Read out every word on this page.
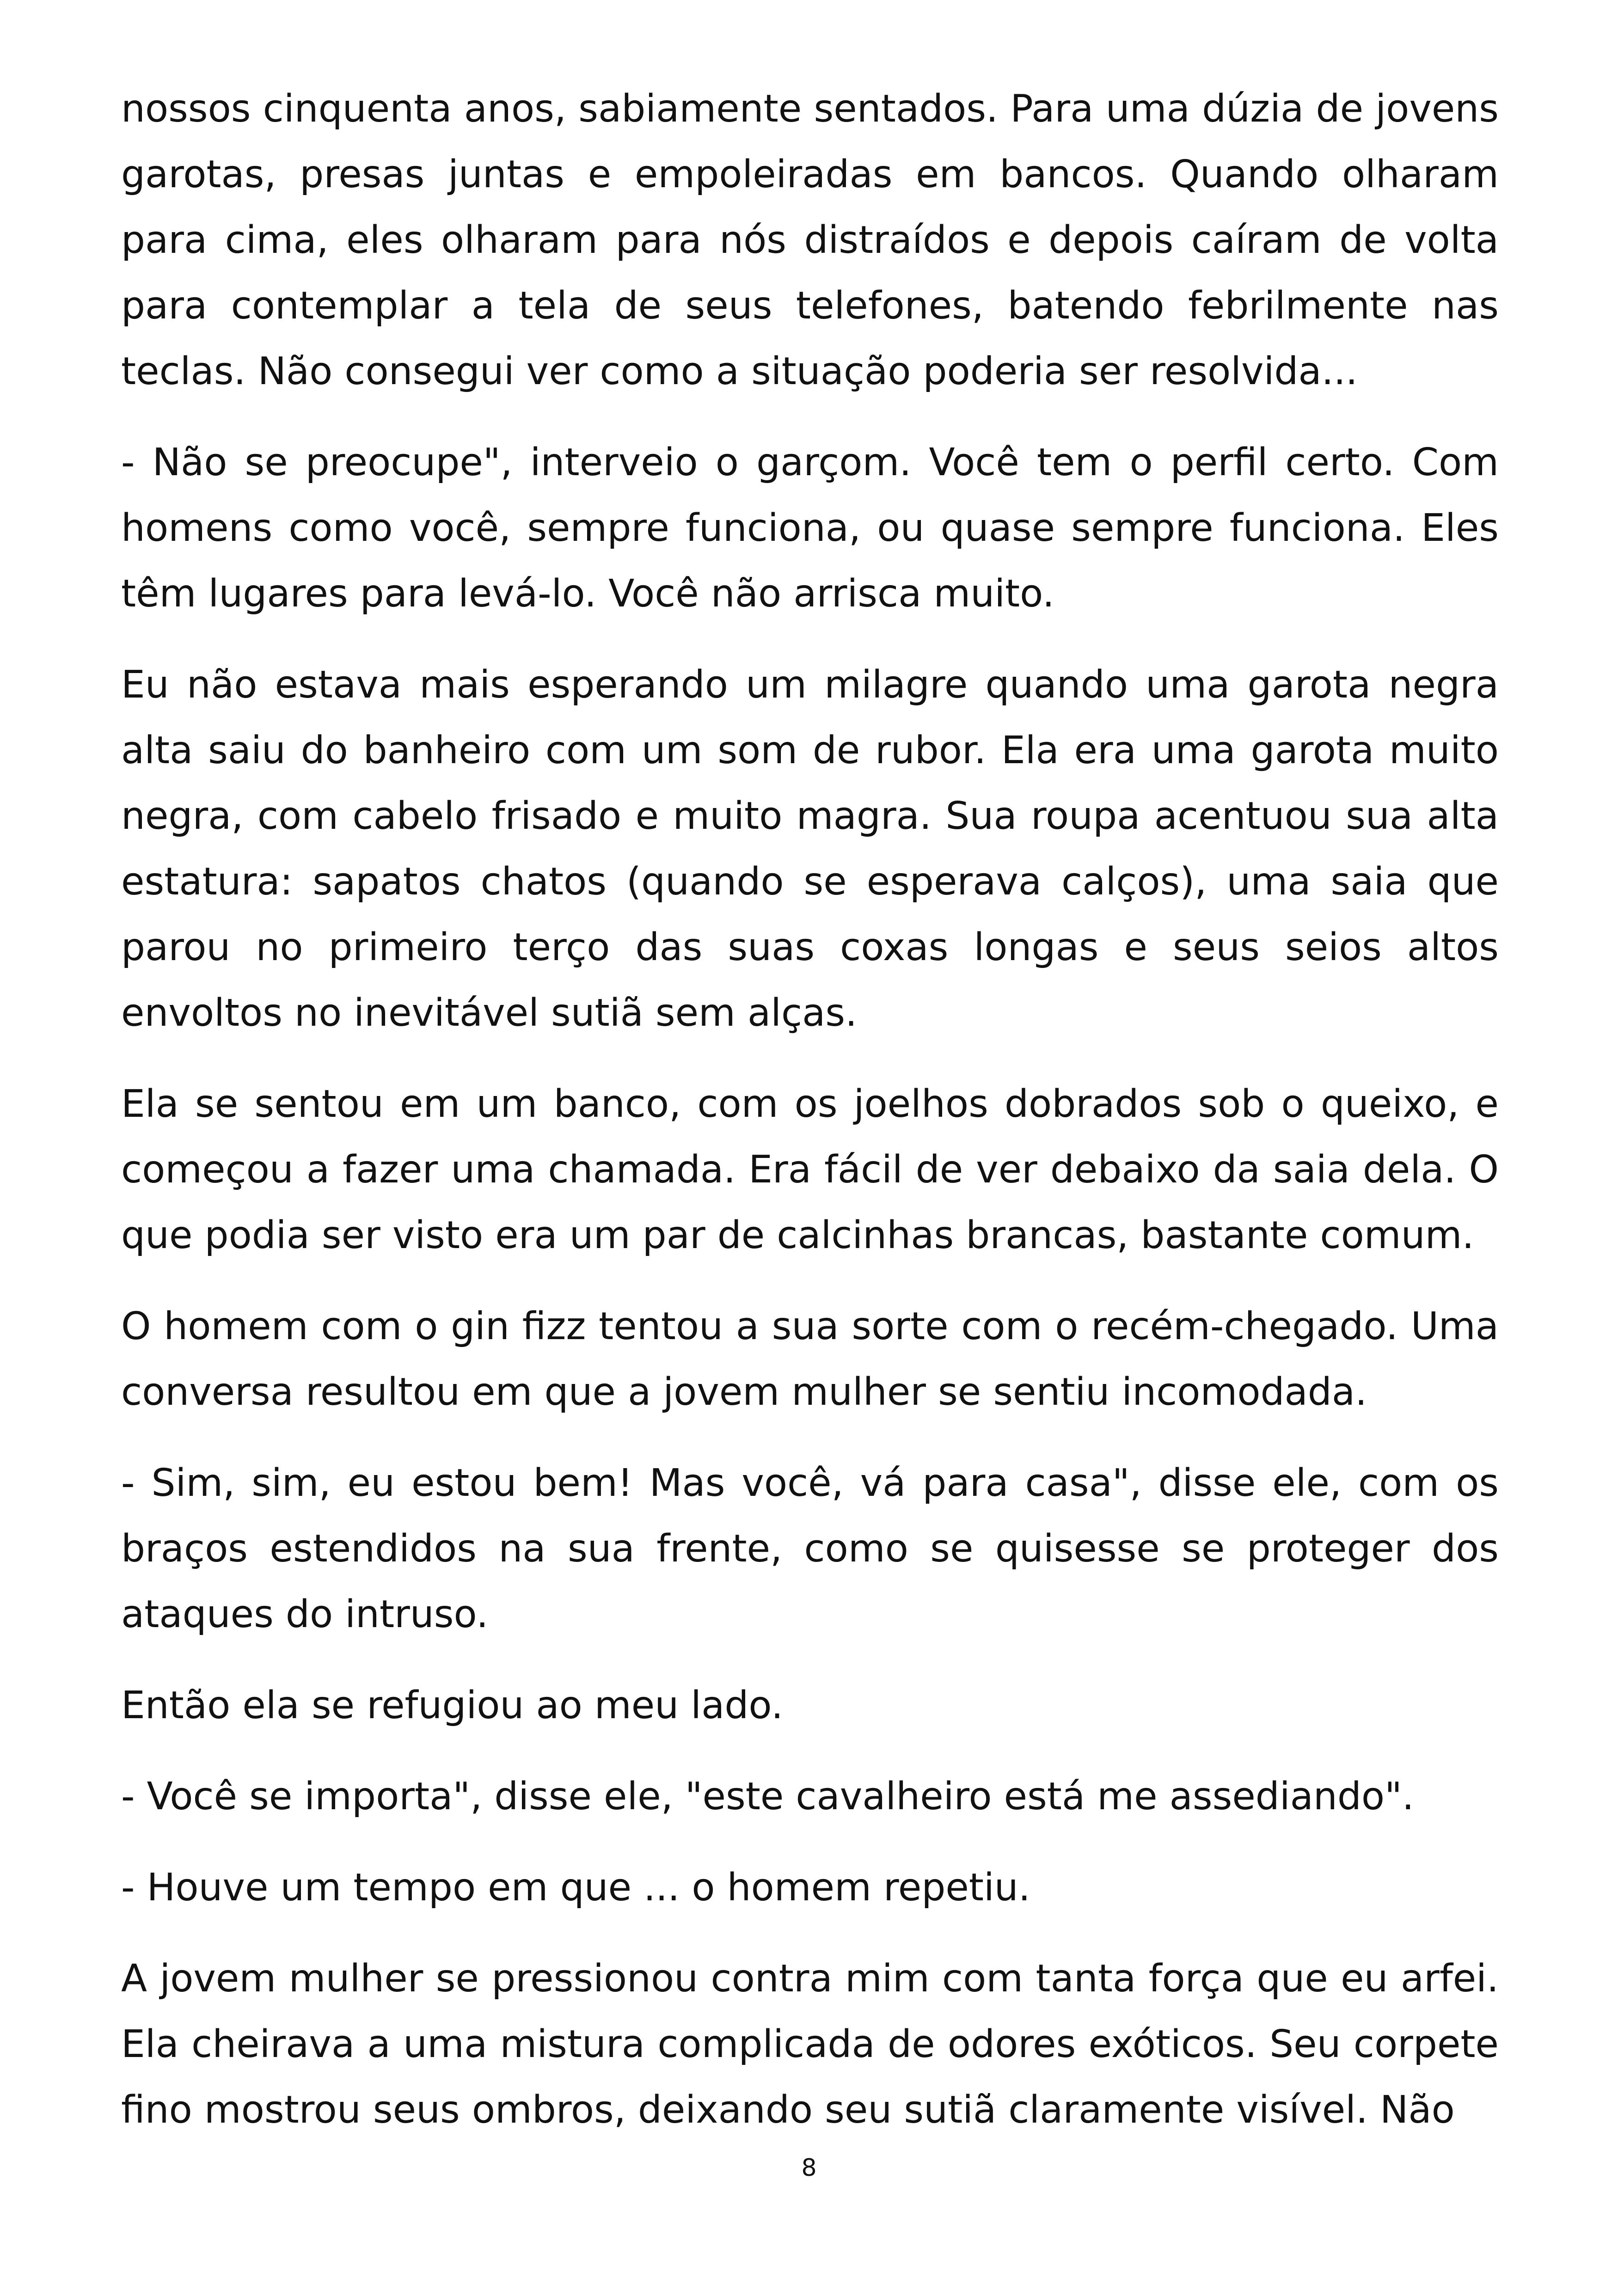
nossos cinquenta anos, sabiamente sentados. Para uma dúzia de jovens garotas, presas juntas e empoleiradas em bancos. Quando olharam para cima, eles olharam para nós distraídos e depois caíram de volta para contemplar a tela de seus telefones, batendo febrilmente nas teclas. Não consegui ver como a situação poderia ser resolvida...

- Não se preocupe", interveio o garçom. Você tem o perfil certo. Com homens como você, sempre funciona, ou quase sempre funciona. Eles têm lugares para levá-lo. Você não arrisca muito.

Eu não estava mais esperando um milagre quando uma garota negra alta saiu do banheiro com um som de rubor. Ela era uma garota muito negra, com cabelo frisado e muito magra. Sua roupa acentuou sua alta estatura: sapatos chatos (quando se esperava calços), uma saia que parou no primeiro terço das suas coxas longas e seus seios altos envoltos no inevitável sutiã sem alças.

Ela se sentou em um banco, com os joelhos dobrados sob o queixo, e começou a fazer uma chamada. Era fácil de ver debaixo da saia dela. O que podia ser visto era um par de calcinhas brancas, bastante comum.

O homem com o gin fizz tentou a sua sorte com o recém-chegado. Uma conversa resultou em que a jovem mulher se sentiu incomodada.

- Sim, sim, eu estou bem! Mas você, vá para casa", disse ele, com os braços estendidos na sua frente, como se quisesse se proteger dos ataques do intruso.

Então ela se refugiou ao meu lado.

- Você se importa", disse ele, "este cavalheiro está me assediando".

- Houve um tempo em que ... o homem repetiu.

A jovem mulher se pressionou contra mim com tanta força que eu arfei. Ela cheirava a uma mistura complicada de odores exóticos. Seu corpete fino mostrou seus ombros, deixando seu sutiã claramente visível. Não

8
